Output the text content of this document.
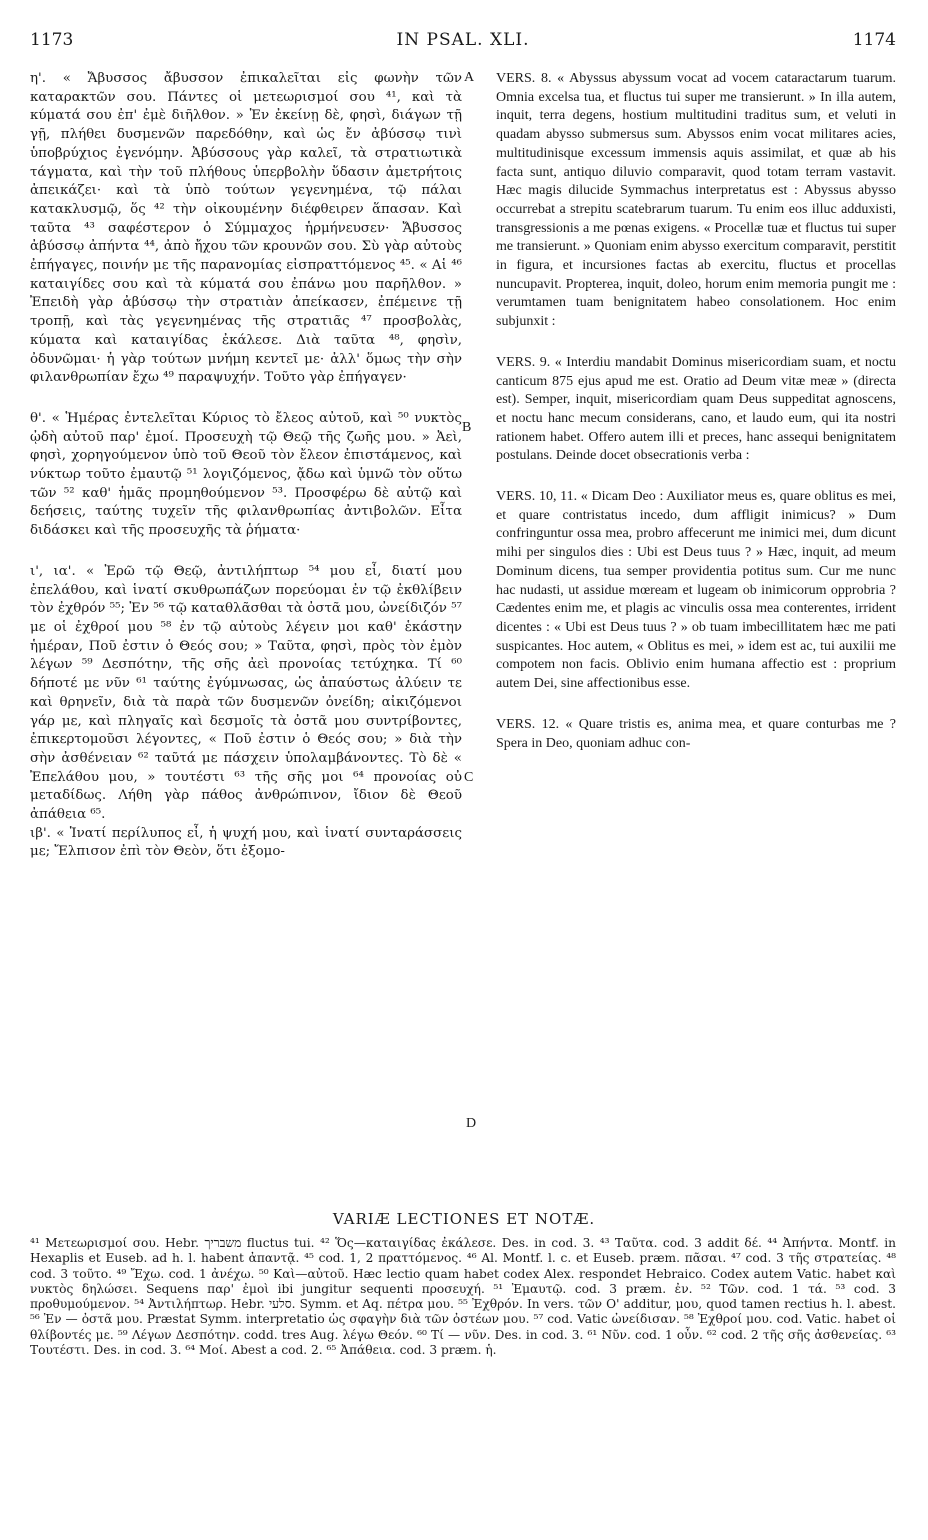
1173	IN PSAL. XLI.	1174

η'. « Ἄβυσσος ἄβυσσον ἐπικαλεῖται εἰς φωνὴν τῶν καταρακτῶν σου. Πάντες οἱ μετεωρισμοί σου ⁴¹, καὶ τὰ κύματά σου ἐπ' ἐμὲ διῆλθον. » Ἐν ἐκείνῃ δὲ, φησὶ, διάγων τῇ γῇ, πλήθει δυσμενῶν παρεδόθην, καὶ ὡς ἔν ἀβύσσῳ τινὶ ὑποβρύχιος ἐγενόμην. Ἀβύσσους γὰρ καλεῖ, τὰ στρατιωτικὰ τάγματα, καὶ τὴν τοῦ πλήθους ὑπερβολὴν ὕδασιν ἀμετρήτοις ἀπεικάζει· καὶ τὰ ὑπὸ τούτων γεγενημένα, τῷ πάλαι κατακλυσμῷ, ὅς ⁴² τὴν οἰκουμένην διέφθειρεν ἅπασαν. Καὶ ταῦτα ⁴³ σαφέστερον ὁ Σύμμαχος ἡρμήνευσεν· Ἄβυσσος ἀβύσσῳ ἀπήντα ⁴⁴, ἀπὸ ἤχου τῶν κρουνῶν σου. Σὺ γὰρ αὐτοὺς ἐπήγαγες, ποινήν με τῆς παρανομίας εἰσπραττόμενος ⁴⁵. « Αἱ ⁴⁶ καταιγίδες σου καὶ τὰ κύματά σου ἐπάνω μου παρῆλθον. » Ἐπειδὴ γὰρ ἀβύσσῳ τὴν στρατιὰν ἀπείκασεν, ἐπέμεινε τῇ τροπῇ, καὶ τὰς γεγενημένας τῆς στρατιᾶς ⁴⁷ προσβολὰς, κύματα καὶ καταιγίδας ἐκάλεσε. Διὰ ταῦτα ⁴⁸, φησὶν, ὀδυνῶμαι· ἡ γὰρ τούτων μνήμη κεντεῖ με· ἀλλ' ὅμως τὴν σὴν φιλανθρωπίαν ἔχω ⁴⁹ παραψυχήν. Τοῦτο γὰρ ἐπήγαγεν·

θ'. « Ἡμέρας ἐντελεῖται Κύριος τὸ ἔλεος αὐτοῦ, καὶ ⁵⁰ νυκτὸς ᾠδὴ αὐτοῦ παρ' ἐμοί. Προσευχὴ τῷ Θεῷ τῆς ζωῆς μου. » Ἀεὶ, φησὶ, χορηγούμενον ὑπὸ τοῦ Θεοῦ τὸν ἔλεον ἐπιστάμενος, καὶ νύκτωρ τοῦτο ἐμαυτῷ ⁵¹ λογιζόμενος, ᾄδω καὶ ὑμνῶ τὸν οὕτω τῶν ⁵² καθ' ἡμᾶς προμηθούμενον ⁵³. Προσφέρω δὲ αὐτῷ καὶ δεήσεις, ταύτης τυχεῖν τῆς φιλανθρωπίας ἀντιβολῶν. Εἶτα διδάσκει καὶ τῆς προσευχῆς τὰ ῥήματα·

ι', ια'. « Ἐρῶ τῷ Θεῷ, ἀντιλήπτωρ ⁵⁴ μου εἶ, διατί μου ἐπελάθου, καὶ ἱνατί σκυθρωπάζων πορεύομαι ἐν τῷ ἐκθλίβειν τὸν ἐχθρόν ⁵⁵; Ἐν ⁵⁶ τῷ καταθλᾶσθαι τὰ ὀστᾶ μου, ὠνείδιζόν ⁵⁷ με οἱ ἐχθροί μου ⁵⁸ ἐν τῷ αὐτοὺς λέγειν μοι καθ' ἑκάστην ἡμέραν, Ποῦ ἐστιν ὁ Θεός σου; » Ταῦτα, φησὶ, πρὸς τὸν ἐμὸν λέγων ⁵⁹ Δεσπότην, τῆς σῆς ἀεὶ προνοίας τετύχηκα. Τί ⁶⁰ δήποτέ με νῦν ⁶¹ ταύτης ἐγύμνωσας, ὡς ἀπαύστως ἀλύειν τε καὶ θρηνεῖν, διὰ τὰ παρὰ τῶν δυσμενῶν ὀνείδη; αἰκιζόμενοι γάρ με, καὶ πληγαῖς καὶ δεσμοῖς τὰ ὀστᾶ μου συντρίβοντες, ἐπικερτομοῦσι λέγοντες, « Ποῦ ἐστιν ὁ Θεός σου; » διὰ τὴν σὴν ἀσθένειαν ⁶² ταῦτά με πάσχειν ὑπολαμβάνοντες. Τὸ δὲ « Ἐπελάθου μου, » τουτέστι ⁶³ τῆς σῆς μοι ⁶⁴ προνοίας οὐ μεταδίδως. Λήθη γὰρ πάθος ἀνθρώπινον, ἴδιον δὲ Θεοῦ ἀπάθεια ⁶⁵.

ιβ'. « Ἱνατί περίλυπος εἶ, ἡ ψυχή μου, καὶ ἱνατί συνταράσσεις με; Ἔλπισον ἐπὶ τὸν Θεὸν, ὅτι ἐξομο-

A
B
C
D

VERS. 8. « Abyssus abyssum vocat ad vocem cataractarum tuarum. Omnia excelsa tua, et fluctus tui super me transierunt. » In illa autem, inquit, terra degens, hostium multitudini traditus sum, et veluti in quadam abysso submersus sum. Abyssos enim vocat militares acies, multitudinisque excessum immensis aquis assimilat, et quæ ab his facta sunt, antiquo diluvio comparavit, quod totam terram vastavit. Hæc magis dilucide Symmachus interpretatus est : Abyssus abysso occurrebat a strepitu scatebrarum tuarum. Tu enim eos illuc adduxisti, transgressionis a me pœnas exigens. « Procellæ tuæ et fluctus tui super me transierunt. » Quoniam enim abysso exercitum comparavit, perstitit in figura, et incursiones factas ab exercitu, fluctus et procellas nuncupavit. Propterea, inquit, doleo, horum enim memoria pungit me : verumtamen tuam benignitatem habeo consolationem. Hoc enim subjunxit :

VERS. 9. « Interdiu mandabit Dominus misericordiam suam, et noctu canticum 875 ejus apud me est. Oratio ad Deum vitæ meæ » (directa est). Semper, inquit, misericordiam quam Deus suppeditat agnoscens, et noctu hanc mecum considerans, cano, et laudo eum, qui ita nostri rationem habet. Offero autem illi et preces, hanc assequi benignitatem postulans. Deinde docet obsecrationis verba :

VERS. 10, 11. « Dicam Deo : Auxiliator meus es, quare oblitus es mei, et quare contristatus incedo, dum affligit inimicus? » Dum confringuntur ossa mea, probro affecerunt me inimici mei, dum dicunt mihi per singulos dies : Ubi est Deus tuus ? » Hæc, inquit, ad meum Dominum dicens, tua semper providentia potitus sum. Cur me nunc hac nudasti, ut assidue mœream et lugeam ob inimicorum opprobria ? Cædentes enim me, et plagis ac vinculis ossa mea conterentes, irrident dicentes : « Ubi est Deus tuus ? » ob tuam imbecillitatem hæc me pati suspicantes. Hoc autem, « Oblitus es mei, » idem est ac, tui auxilii me compotem non facis. Oblivio enim humana affectio est : proprium autem Dei, sine affectionibus esse.

VERS. 12. « Quare tristis es, anima mea, et quare conturbas me ? Spera in Deo, quoniam adhuc con-

VARIÆ LECTIONES ET NOTÆ.

⁴¹ Μετεωρισμοί σου. Hebr. משבריך fluctus tui. ⁴² Ὅς—καταιγίδας ἐκάλεσε. Des. in cod. 3. ⁴³ Ταῦτα. cod. 3 addit δέ. ⁴⁴ Ἀπήντα. Montf. in Hexaplis et Euseb. ad h. l. habent ἀπαντᾷ. ⁴⁵ cod. 1, 2 πραττόμενος. ⁴⁶ Al. Montf. l. c. et Euseb. præm. πᾶσαι. ⁴⁷ cod. 3 τῆς στρατείας. ⁴⁸ cod. 3 τοῦτο. ⁴⁹ Ἔχω. cod. 1 ἀνέχω. ⁵⁰ Καὶ—αὐτοῦ. Hæc lectio quam habet codex Alex. respondet Hebraico. Codex autem Vatic. habet καὶ νυκτὸς δηλώσει. Sequens παρ' ἐμοὶ ibi jungitur sequenti προσευχή. ⁵¹ Ἐμαυτῷ. cod. 3 præm. ἐν. ⁵² Τῶν. cod. 1 τά. ⁵³ cod. 3 προθυμούμενον. ⁵⁴ Ἀντιλήπτωρ. Hebr. סלעי. Symm. et Aq. πέτρα μου. ⁵⁵ Ἐχθρόν. In vers. τῶν O' additur, μου, quod tamen rectius h. l. abest. ⁵⁶ Ἐν — ὀστᾶ μου. Præstat Symm. interpretatio ὡς σφαγὴν διὰ τῶν ὀστέων μου. ⁵⁷ cod. Vatic ὠνείδισαν. ⁵⁸ Ἐχθροί μου. cod. Vatic. habet οἱ θλίβοντές με. ⁵⁹ Λέγων Δεσπότην. codd. tres Aug. λέγω Θεόν. ⁶⁰ Τί — νῦν. Des. in cod. 3. ⁶¹ Νῦν. cod. 1 οὖν. ⁶² cod. 2 τῆς σῆς ἀσθενείας. ⁶³ Τουτέστι. Des. in cod. 3. ⁶⁴ Μοί. Abest a cod. 2. ⁶⁵ Ἀπάθεια. cod. 3 præm. ἡ.
